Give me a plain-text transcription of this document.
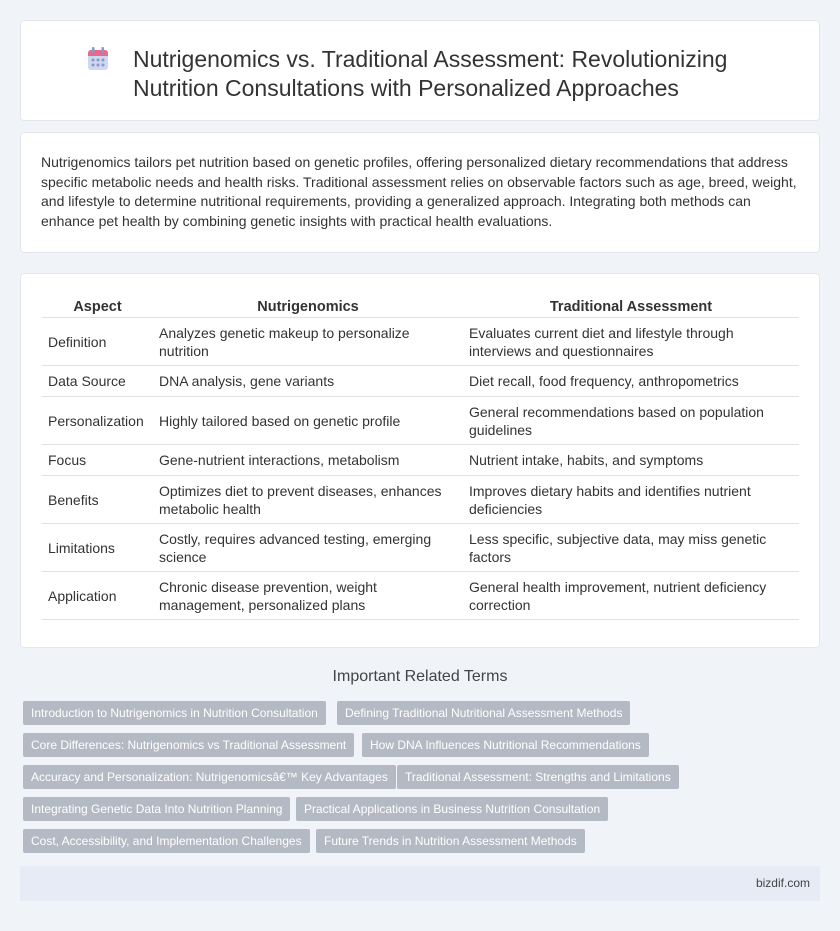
Nutrigenomics vs. Traditional Assessment: Revolutionizing Nutrition Consultations with Personalized Approaches

Nutrigenomics tailors pet nutrition based on genetic profiles, offering personalized dietary recommendations that address specific metabolic needs and health risks. Traditional assessment relies on observable factors such as age, breed, weight, and lifestyle to determine nutritional requirements, providing a generalized approach. Integrating both methods can enhance pet health by combining genetic insights with practical health evaluations.

Aspect	Nutrigenomics	Traditional Assessment
Definition	Analyzes genetic makeup to personalize nutrition	Evaluates current diet and lifestyle through interviews and questionnaires
Data Source	DNA analysis, gene variants	Diet recall, food frequency, anthropometrics
Personalization	Highly tailored based on genetic profile	General recommendations based on population guidelines
Focus	Gene-nutrient interactions, metabolism	Nutrient intake, habits, and symptoms
Benefits	Optimizes diet to prevent diseases, enhances metabolic health	Improves dietary habits and identifies nutrient deficiencies
Limitations	Costly, requires advanced testing, emerging science	Less specific, subjective data, may miss genetic factors
Application	Chronic disease prevention, weight management, personalized plans	General health improvement, nutrient deficiency correction
Important Related Terms
Introduction to Nutrigenomics in Nutrition Consultation	Defining Traditional Nutritional Assessment Methods
Core Differences: Nutrigenomics vs Traditional Assessment	How DNA Influences Nutritional Recommendations
Accuracy and Personalization: Nutrigenomicsâ€™ Key Advantages	Traditional Assessment: Strengths and Limitations
Integrating Genetic Data Into Nutrition Planning	Practical Applications in Business Nutrition Consultation
Cost, Accessibility, and Implementation Challenges	Future Trends in Nutrition Assessment Methods
bizdif.com
